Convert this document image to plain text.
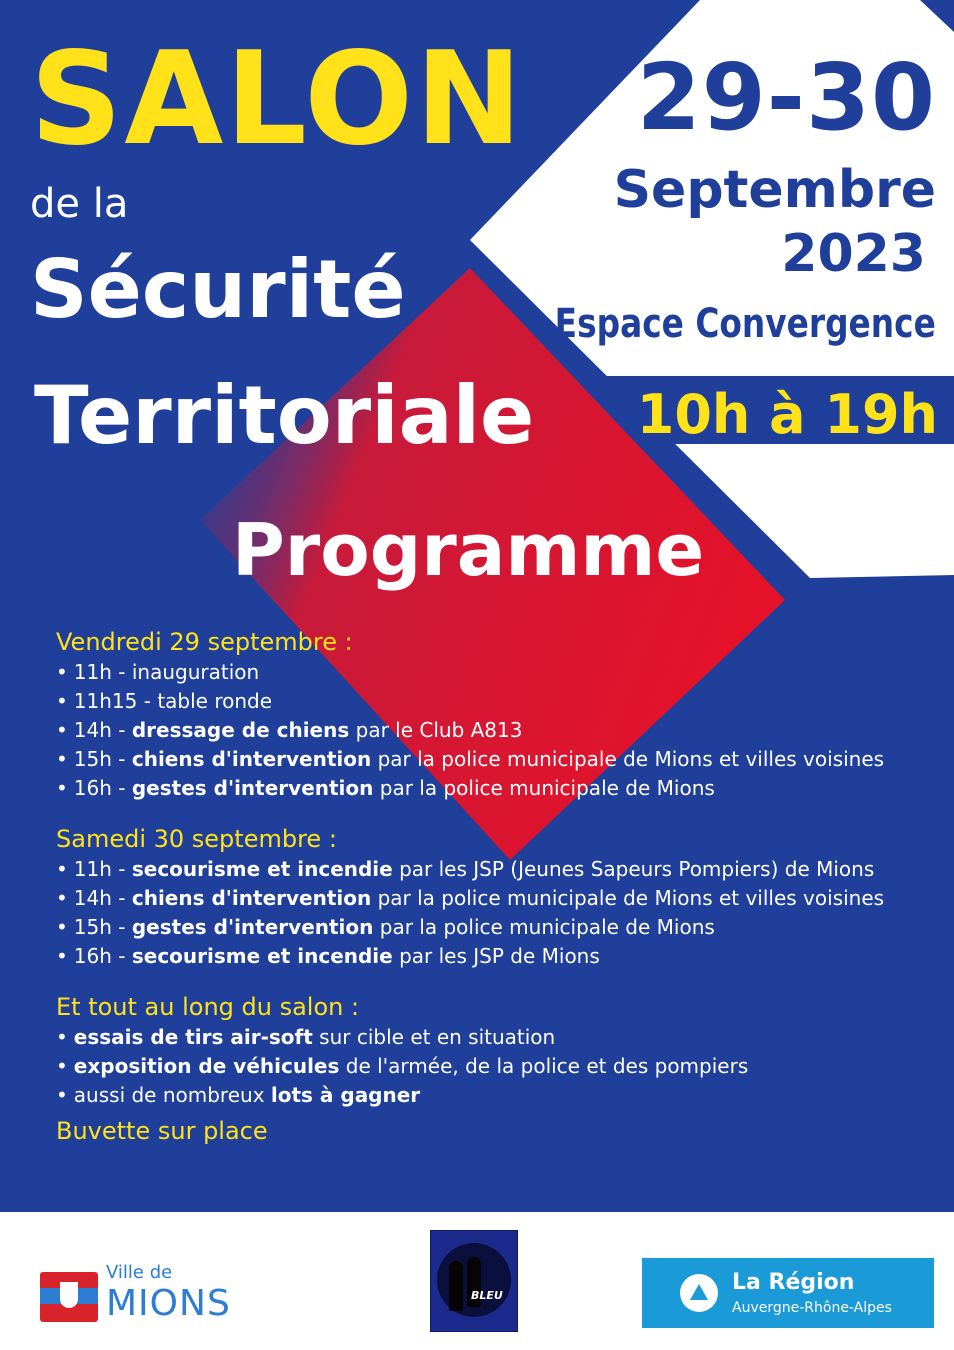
SALON

de la

Sécurité

Territoriale

Programme

29-30

Septembre

2023

Espace Convergence

10h à 19h

Vendredi 29 septembre :

• 11h - inauguration
• 11h15 - table ronde
• 14h - dressage de chiens par le Club A813
• 15h - chiens d'intervention par la police municipale de Mions et villes voisines
• 16h - gestes d'intervention par la police municipale de Mions

Samedi 30 septembre :

• 11h - secourisme et incendie par les JSP (Jeunes Sapeurs Pompiers) de Mions
• 14h - chiens d'intervention par la police municipale de Mions et villes voisines
• 15h - gestes d'intervention par la police municipale de Mions
• 16h - secourisme et incendie par les JSP de Mions

Et tout au long du salon :

• essais de tirs air-soft sur cible et en situation
• exposition de véhicules de l'armée, de la police et des pompiers
• aussi de nombreux lots à gagner

Buvette sur place

Ville de
MIONS	BLEU
La Région
Auvergne-Rhône-Alpes
